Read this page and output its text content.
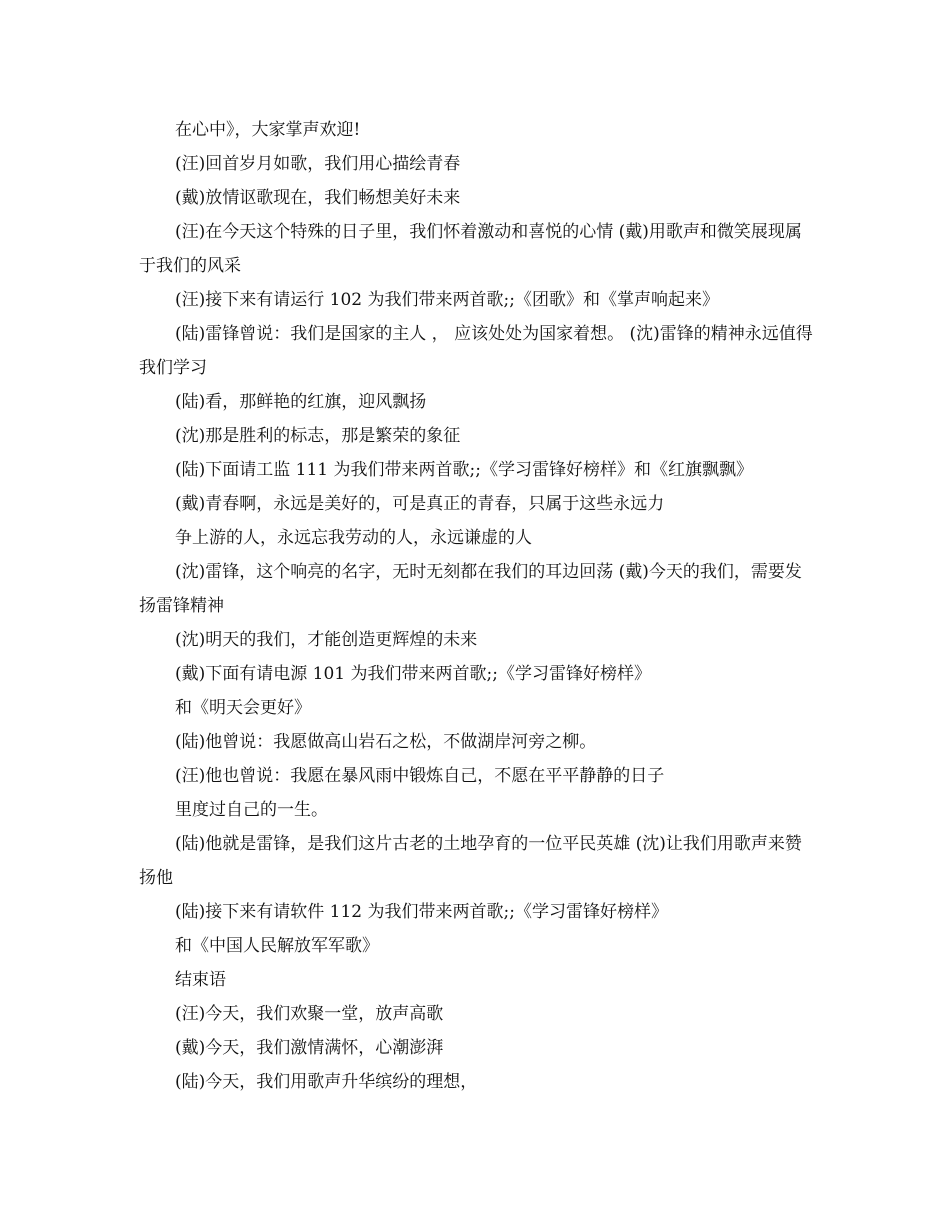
在心中》，大家掌声欢迎!

(汪)回首岁月如歌，我们用心描绘青春

(戴)放情讴歌现在，我们畅想美好未来

(汪)在今天这个特殊的日子里，我们怀着激动和喜悦的心情 (戴)用歌声和微笑展现属于我们的风采

(汪)接下来有请运行 102 为我们带来两首歌;;《团歌》和《掌声响起来》

(陆)雷锋曾说：我们是国家的主人 ， 应该处处为国家着想。 (沈)雷锋的精神永远值得我们学习

(陆)看，那鲜艳的红旗，迎风飘扬

(沈)那是胜利的标志，那是繁荣的象征

(陆)下面请工监 111 为我们带来两首歌;;《学习雷锋好榜样》和《红旗飘飘》

(戴)青春啊，永远是美好的，可是真正的青春，只属于这些永远力

争上游的人，永远忘我劳动的人，永远谦虚的人

(沈)雷锋，这个响亮的名字，无时无刻都在我们的耳边回荡 (戴)今天的我们，需要发扬雷锋精神

(沈)明天的我们，才能创造更辉煌的未来

(戴)下面有请电源 101 为我们带来两首歌;;《学习雷锋好榜样》

和《明天会更好》

(陆)他曾说：我愿做高山岩石之松，不做湖岸河旁之柳。

(汪)他也曾说：我愿在暴风雨中锻炼自己，不愿在平平静静的日子

里度过自己的一生。

(陆)他就是雷锋，是我们这片古老的土地孕育的一位平民英雄 (沈)让我们用歌声来赞扬他

(陆)接下来有请软件 112 为我们带来两首歌;;《学习雷锋好榜样》

和《中国人民解放军军歌》

结束语

(汪)今天，我们欢聚一堂，放声高歌

(戴)今天，我们激情满怀，心潮澎湃

(陆)今天，我们用歌声升华缤纷的理想，
